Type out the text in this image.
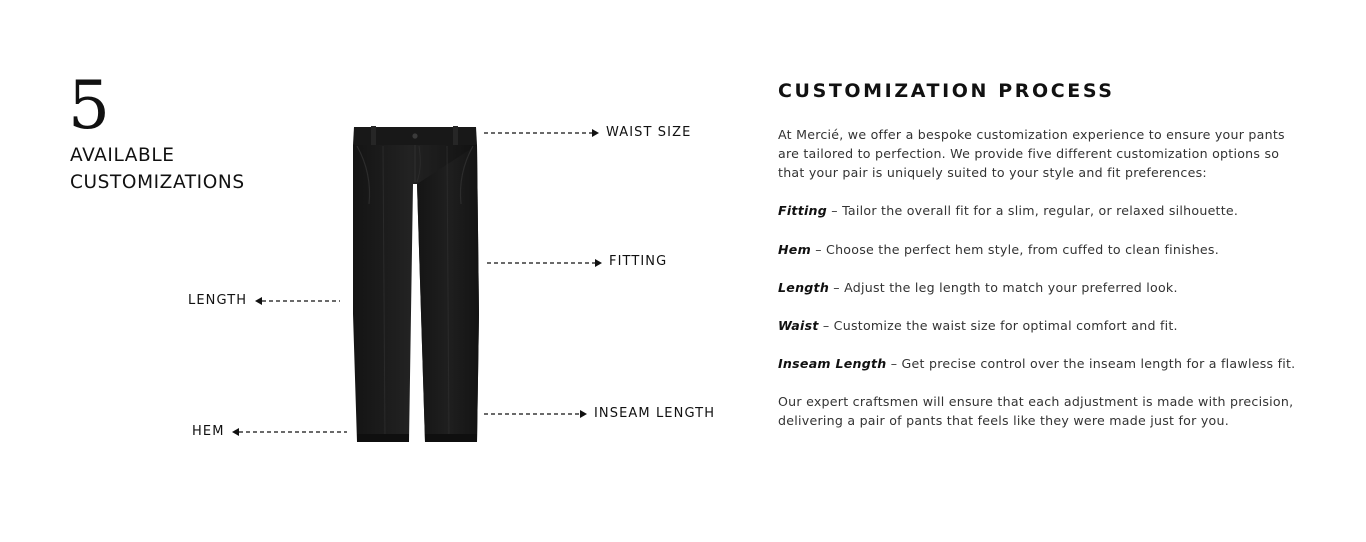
5
AVAILABLE
CUSTOMIZATIONS
WAIST SIZE
FITTING
LENGTH
HEM
INSEAM LENGTH
CUSTOMIZATION PROCESS

At Mercié, we offer a bespoke customization experience to ensure your pants are tailored to perfection. We provide five different customization options so that your pair is uniquely suited to your style and fit preferences:

Fitting – Tailor the overall fit for a slim, regular, or relaxed silhouette.

Hem – Choose the perfect hem style, from cuffed to clean finishes.

Length – Adjust the leg length to match your preferred look.

Waist – Customize the waist size for optimal comfort and fit.

Inseam Length – Get precise control over the inseam length for a flawless fit.

Our expert craftsmen will ensure that each adjustment is made with precision, delivering a pair of pants that feels like they were made just for you.
